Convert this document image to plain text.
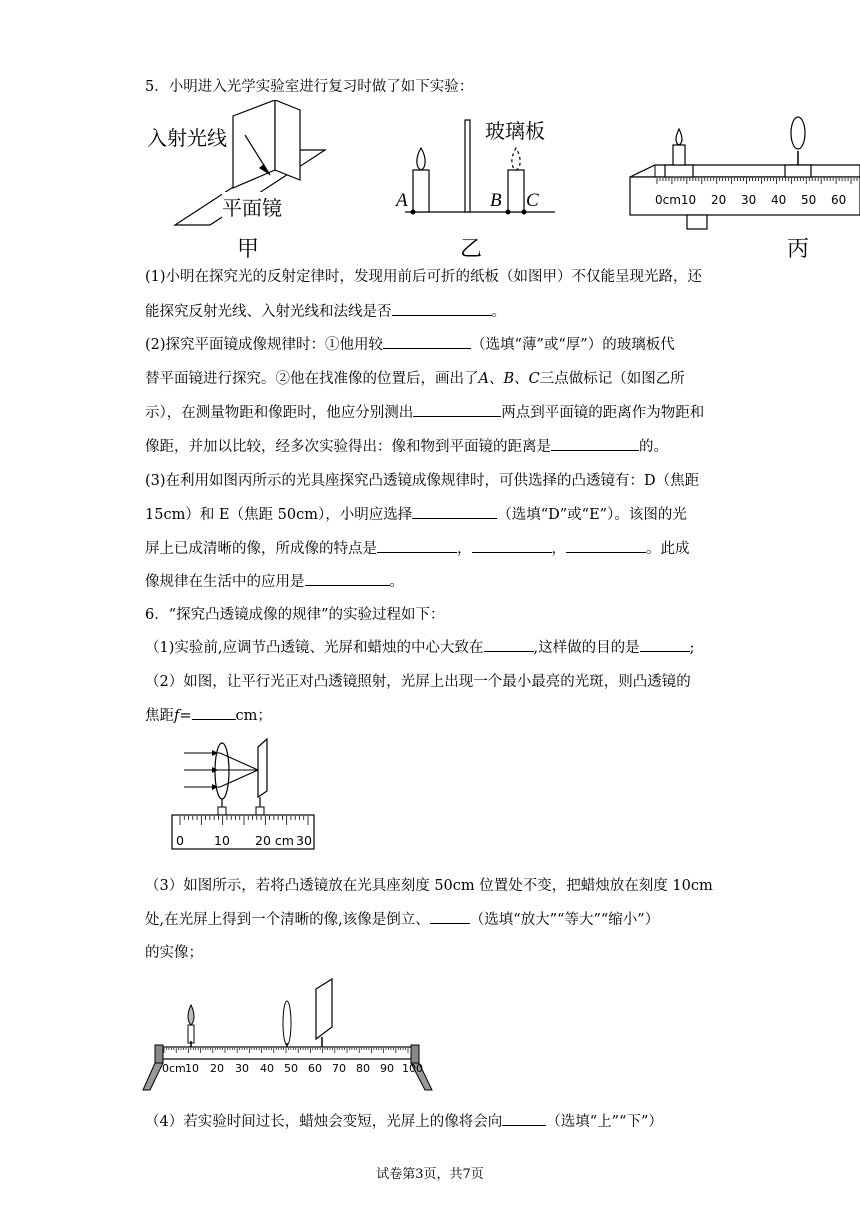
5．小明进入光学实验室进行复习时做了如下实验：
入射光线
平面镜
甲
玻璃板
A	B C
乙
0cm10 20 30 40 50 60
丙
(1)小明在探究光的反射定律时，发现用前后可折的纸板（如图甲）不仅能呈现光路，还
能探究反射光线、入射光线和法线是否	。
(2)探究平面镜成像规律时：①他用较	（选填“薄”或“厚”）的玻璃板代
替平面镜进行探究。②他在找准像的位置后，画出了A、B、C三点做标记（如图乙所
示），在测量物距和像距时，他应分别测出	两点到平面镜的距离作为物距和
像距，并加以比较，经多次实验得出：像和物到平面镜的距离是	的。
(3)在利用如图丙所示的光具座探究凸透镜成像规律时，可供选择的凸透镜有：D（焦距
15cm）和 E（焦距 50cm），小明应选择	（选填“D”或“E”）。该图的光
屏上已成清晰的像，所成像的特点是	，	，	。此成
像规律在生活中的应用是	。
6．“探究凸透镜成像的规律”的实验过程如下：
（1)实验前,应调节凸透镜、光屏和蜡烛的中心大致在	,这样做的目的是	;
（2）如图，让平行光正对凸透镜照射，光屏上出现一个最小最亮的光斑，则凸透镜的
焦距f=	cm；
0 10 20 cm 30
（3）如图所示，若将凸透镜放在光具座刻度 50cm 位置处不变，把蜡烛放在刻度 10cm
处,在光屏上得到一个清晰的像,该像是倒立、	（选填“放大”“等大”“缩小”）
的实像；
0cm 10 20 30 40 50 60 70 80 90 100
（4）若实验时间过长，蜡烛会变短，光屏上的像将会向	（选填“上”“下”）
试卷第3页，共7页
